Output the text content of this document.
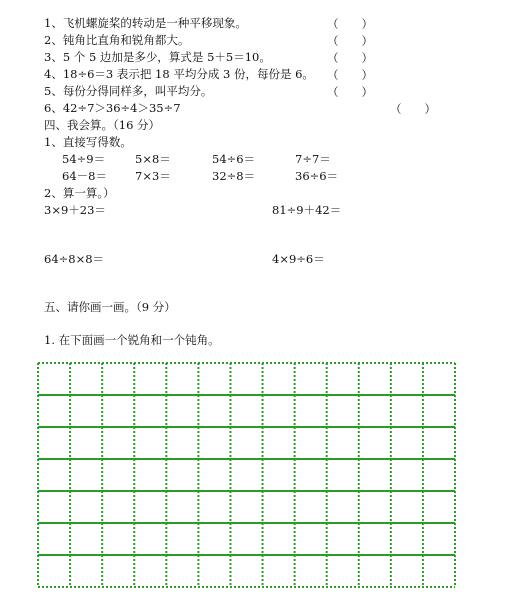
1、飞机螺旋桨的转动是一种平移现象。	（　　）
2、钝角比直角和锐角都大。	（　　）
3、5 个 5 边加是多少，算式是 5＋5＝10。	（　　）
4、18÷6＝3 表示把 18 平均分成 3 份，每份是 6。 （　　）
5、每份分得同样多，叫平均分。	（　　）
6、42÷7＞36÷4＞35÷7	（　　）
四、我会算。（16 分）
1、直接写得数。
54÷9＝	5×8＝	54÷6＝	7÷7＝
64－8＝ 7×3＝	32÷8＝	36÷6＝
2、算一算。）
3×9＋23＝	81÷9＋42＝
64÷8×8＝	4×9÷6＝
五、请你画一画。（9 分）
1. 在下面画一个锐角和一个钝角。
